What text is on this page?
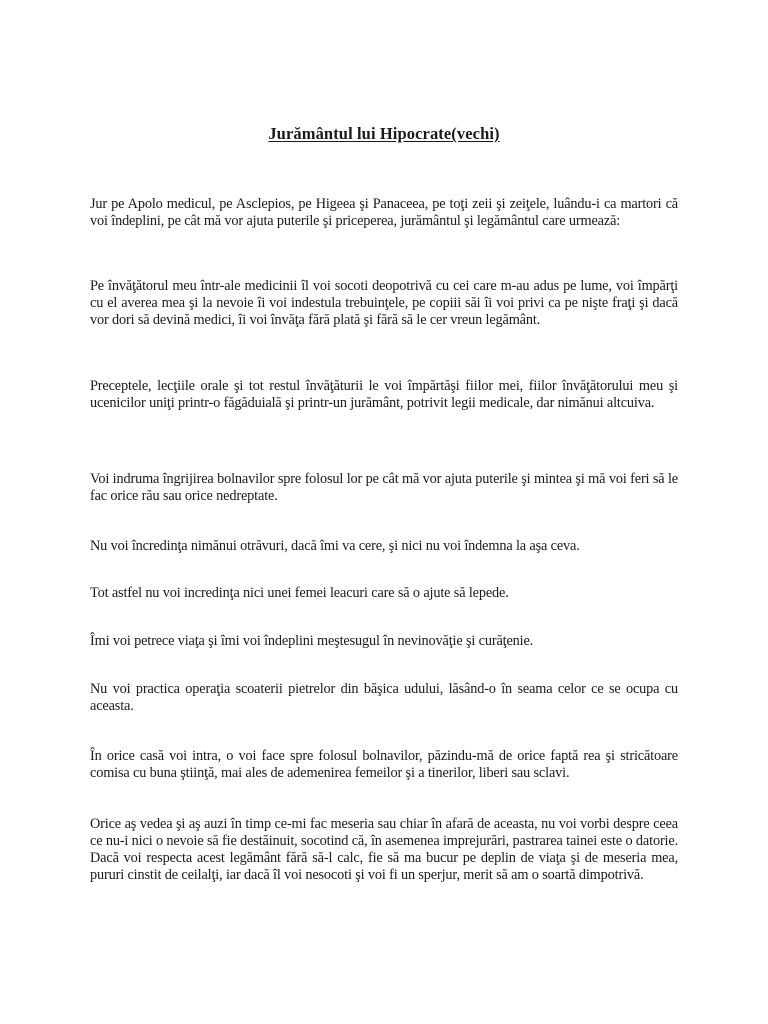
Jurământul lui Hipocrate(vechi)

Jur pe Apolo medicul, pe Asclepios, pe Higeea şi Panaceea, pe toţi zeii şi zeiţele, luându-i ca martori că voi îndeplini, pe cât mă vor ajuta puterile şi priceperea, jurământul şi legământul care urmează:

Pe învăţătorul meu într-ale medicinii îl voi socoti deopotrivă cu cei care m-au adus pe lume, voi împărţi cu el averea mea şi la nevoie îi voi indestula trebuinţele, pe copiii săi îi voi privi ca pe nişte fraţi şi dacă vor dori să devină medici, îi voi învăţa fără plată şi fără să le cer vreun legământ.

Preceptele, lecţiile orale şi tot restul învăţăturii le voi împărtăşi fiilor mei, fiilor învăţătorului meu şi ucenicilor uniţi printr-o făgăduială şi printr-un jurământ, potrivit legii medicale, dar nimănui altcuiva.

Voi indruma îngrijirea bolnavilor spre folosul lor pe cât mă vor ajuta puterile şi mintea şi mă voi feri să le fac orice rău sau orice nedreptate.

Nu voi încredinţa nimănui otrăvuri, dacă îmi va cere, şi nici nu voi îndemna la aşa ceva.

Tot astfel nu voi incredinţa nici unei femei leacuri care să o ajute să lepede.

Îmi voi petrece viaţa şi îmi voi îndeplini meştesugul în nevinovăţie şi curăţenie.

Nu voi practica operaţia scoaterii pietrelor din băşica udului, lăsând-o în seama celor ce se ocupa cu aceasta.

În orice casă voi intra, o voi face spre folosul bolnavilor, păzindu-mă de orice faptă rea şi stricătoare comisa cu buna ştiinţă, mai ales de ademenirea femeilor şi a tinerilor, liberi sau sclavi.

Orice aş vedea şi aş auzi în timp ce-mi fac meseria sau chiar în afară de aceasta, nu voi vorbi despre ceea ce nu-i nici o nevoie să fie destăinuit, socotind că, în asemenea imprejurări, pastrarea tainei este o datorie. Dacă voi respecta acest legământ fără să-l calc, fie să ma bucur pe deplin de viaţa şi de meseria mea, pururi cinstit de ceilalţi, iar dacă îl voi nesocoti şi voi fi un sperjur, merit să am o soartă dimpotrivă.
